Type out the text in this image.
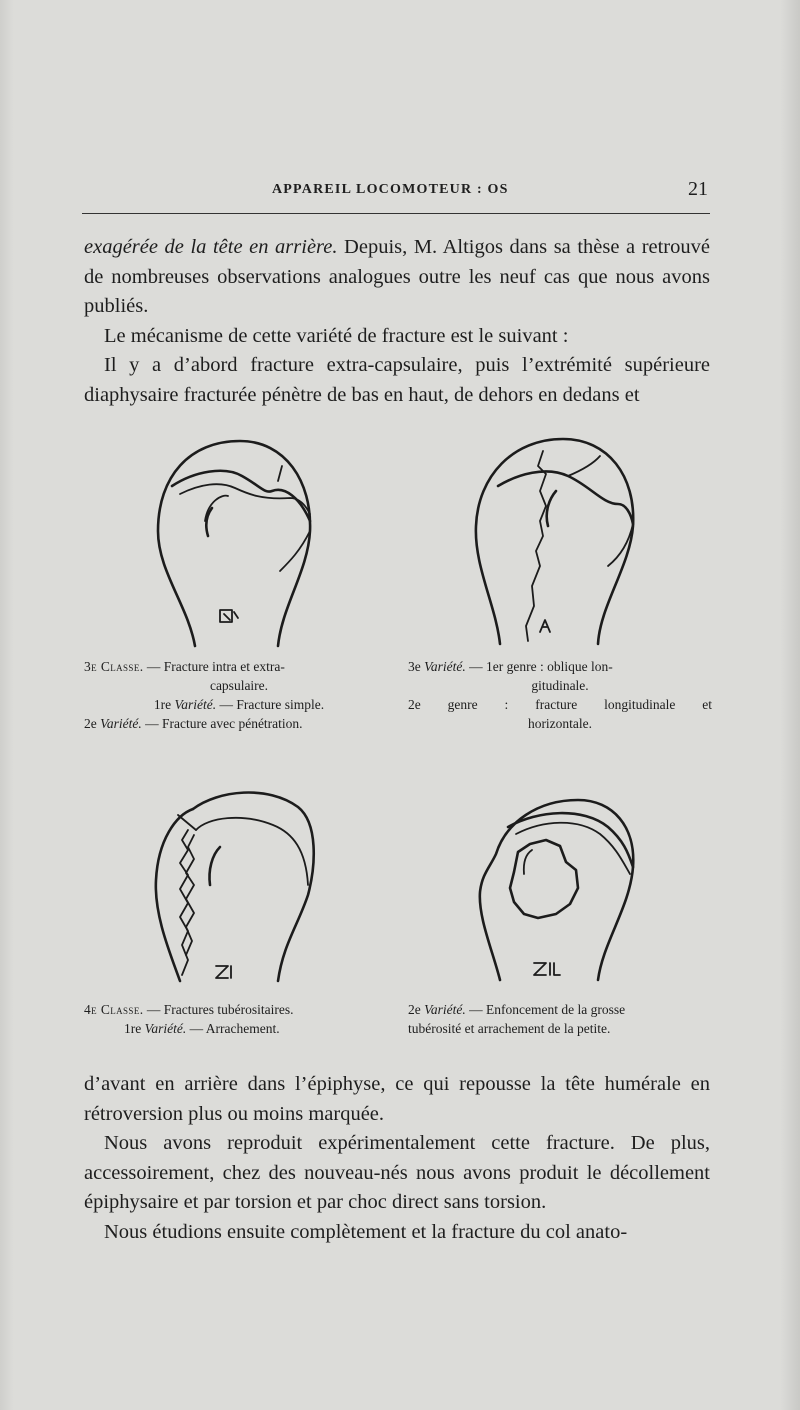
APPAREIL LOCOMOTEUR : OS	21

exagérée de la tête en arrière. Depuis, M. Altigos dans sa thèse a retrouvé de nombreuses observations analogues outre les neuf cas que nous avons publiés.

Le mécanisme de cette variété de fracture est le suivant :

Il y a d’abord fracture extra-capsulaire, puis l’extrémité supérieure diaphysaire fracturée pénètre de bas en haut, de dehors en dedans et

3e Classe. — Fracture intra et extra-
capsulaire.
1re Variété. — Fracture simple.
2e Variété. — Fracture avec pénétration.
3e Variété. — 1er genre : oblique lon-
gitudinale.
2e genre : fracture longitudinale et
horizontale.
4e Classe. — Fractures tubérositaires.
1re Variété. — Arrachement.
2e Variété. — Enfoncement de la grosse
tubérosité et arrachement de la petite.

d’avant en arrière dans l’épiphyse, ce qui repousse la tête humérale en rétroversion plus ou moins marquée.

Nous avons reproduit expérimentalement cette fracture. De plus, accessoirement, chez des nouveau-nés nous avons produit le décollement épiphysaire et par torsion et par choc direct sans torsion.

Nous étudions ensuite complètement et la fracture du col anato-
